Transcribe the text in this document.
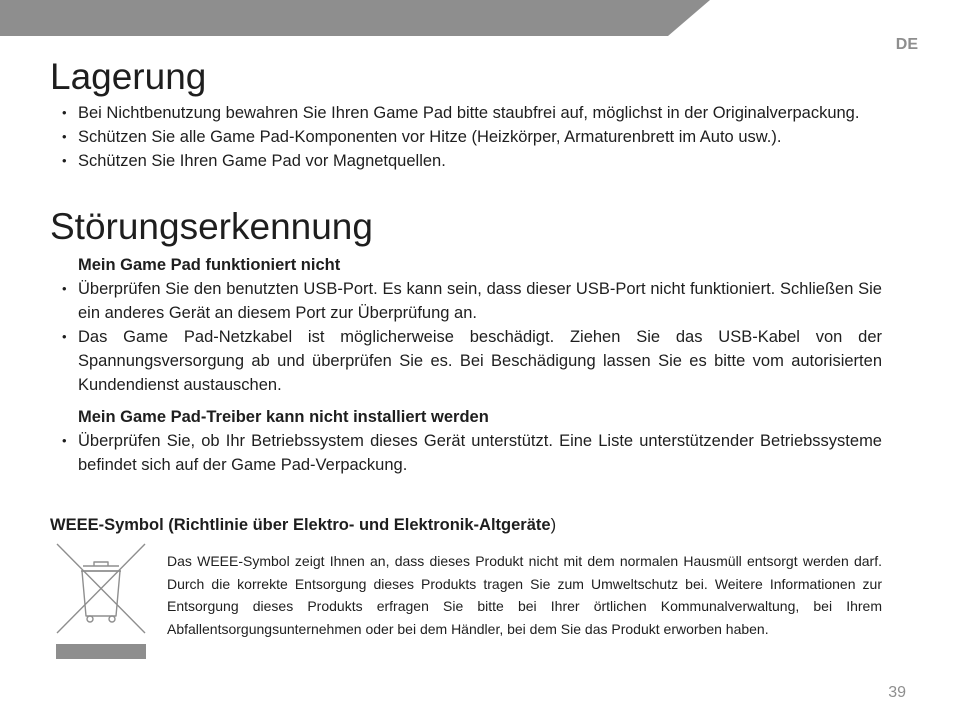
DE
Lagerung
• Bei Nichtbenutzung bewahren Sie Ihren Game Pad bitte staubfrei auf, möglichst in der Originalverpackung.
• Schützen Sie alle Game Pad-Komponenten vor Hitze (Heizkörper, Armaturenbrett im Auto usw.).
• Schützen Sie Ihren Game Pad vor Magnetquellen.
Störungserkennung

Mein Game Pad funktioniert nicht

• Überprüfen Sie den benutzten USB-Port. Es kann sein, dass dieser USB-Port nicht funktioniert. Schließen Sie ein anderes Gerät an diesem Port zur Überprüfung an.
• Das Game Pad-Netzkabel ist möglicherweise beschädigt. Ziehen Sie das USB-Kabel von der Spannungsversorgung ab und überprüfen Sie es. Bei Beschädigung lassen Sie es bitte vom autorisierten Kundendienst austauschen.

Mein Game Pad-Treiber kann nicht installiert werden

• Überprüfen Sie, ob Ihr Betriebssystem dieses Gerät unterstützt. Eine Liste unterstützender Betriebssysteme befindet sich auf der Game Pad-Verpackung.

WEEE-Symbol (Richtlinie über Elektro- und Elektronik-Altgeräte)

Das WEEE-Symbol zeigt Ihnen an, dass dieses Produkt nicht mit dem normalen Hausmüll entsorgt werden darf. Durch die korrekte Entsorgung dieses Produkts tragen Sie zum Umweltschutz bei. Weitere Informationen zur Entsorgung dieses Produkts erfragen Sie bitte bei Ihrer örtlichen Kommunalverwaltung, bei Ihrem Abfallentsorgungsunternehmen oder bei dem Händler, bei dem Sie das Produkt erworben haben.

39
